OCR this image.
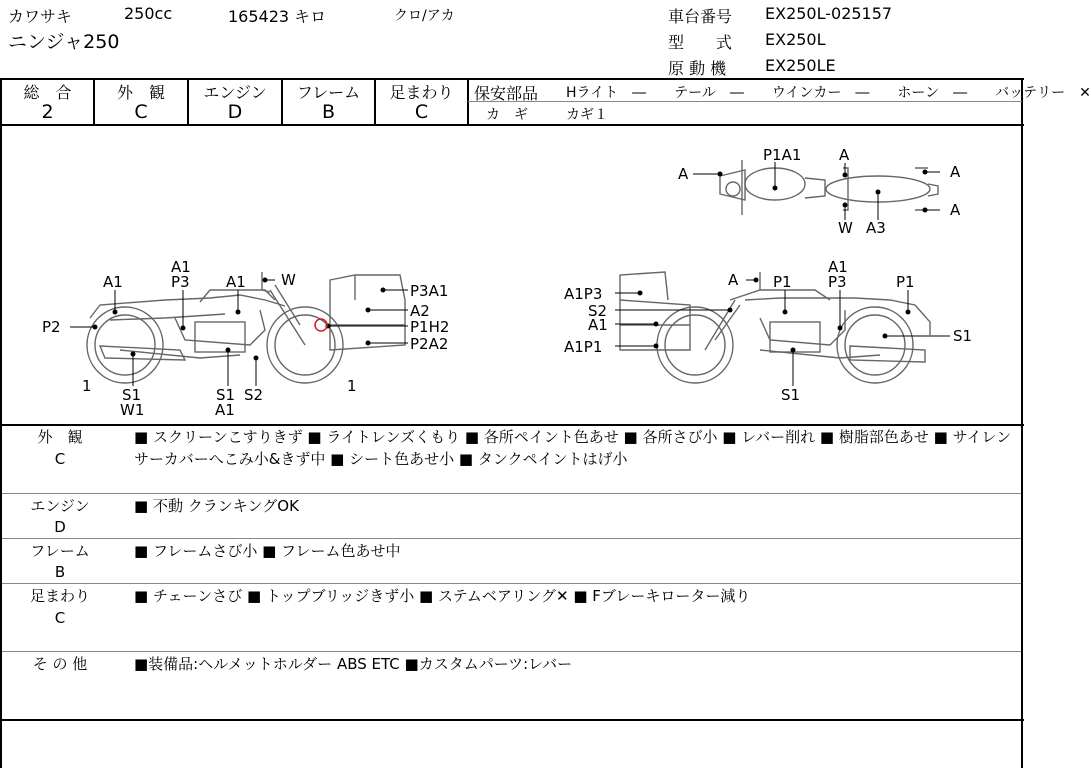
カワサキ	250cc	165423 キロ	クロ/アカ
ニンジャ250
車台番号 EX250L-025157
型　　式 EX250L
原 動 機 EX250LE
総　合
2
外　観
C
エンジン
D
フレーム
B
足まわり
C
保安部品 Hライト　―　　テール　―　　ウインカー　―　　ホーン　―　　バッテリー　✕
カ　ギ	カギ１
P1A1	A
A	A
A
W A3
A1	P3 A1 W
A1
P3A1
A2
P1H2
P2A2
P2
1 S1
W1
S1
A1
S2	1
A
A1P3
P1
A1
P3	P1
S2
A1
A1P1
S1
S1
外　観
C
■ スクリーンこすりきず ■ ライトレンズくもり ■ 各所ペイント色あせ ■ 各所さび小 ■ レバー削れ ■ 樹脂部色あせ ■ サイレンサーカバーへこみ小&きず中 ■ シート色あせ小 ■ タンクペイントはげ小
エンジン
D
■ 不動 クランキングOK
フレーム
B
■ フレームさび小 ■ フレーム色あせ中
足まわり
C
■ チェーンさび ■ トップブリッジきず小 ■ ステムベアリング✕ ■ Fブレーキローター減り
そ の 他	■装備品:ヘルメットホルダー ABS ETC ■カスタムパーツ:レバー
